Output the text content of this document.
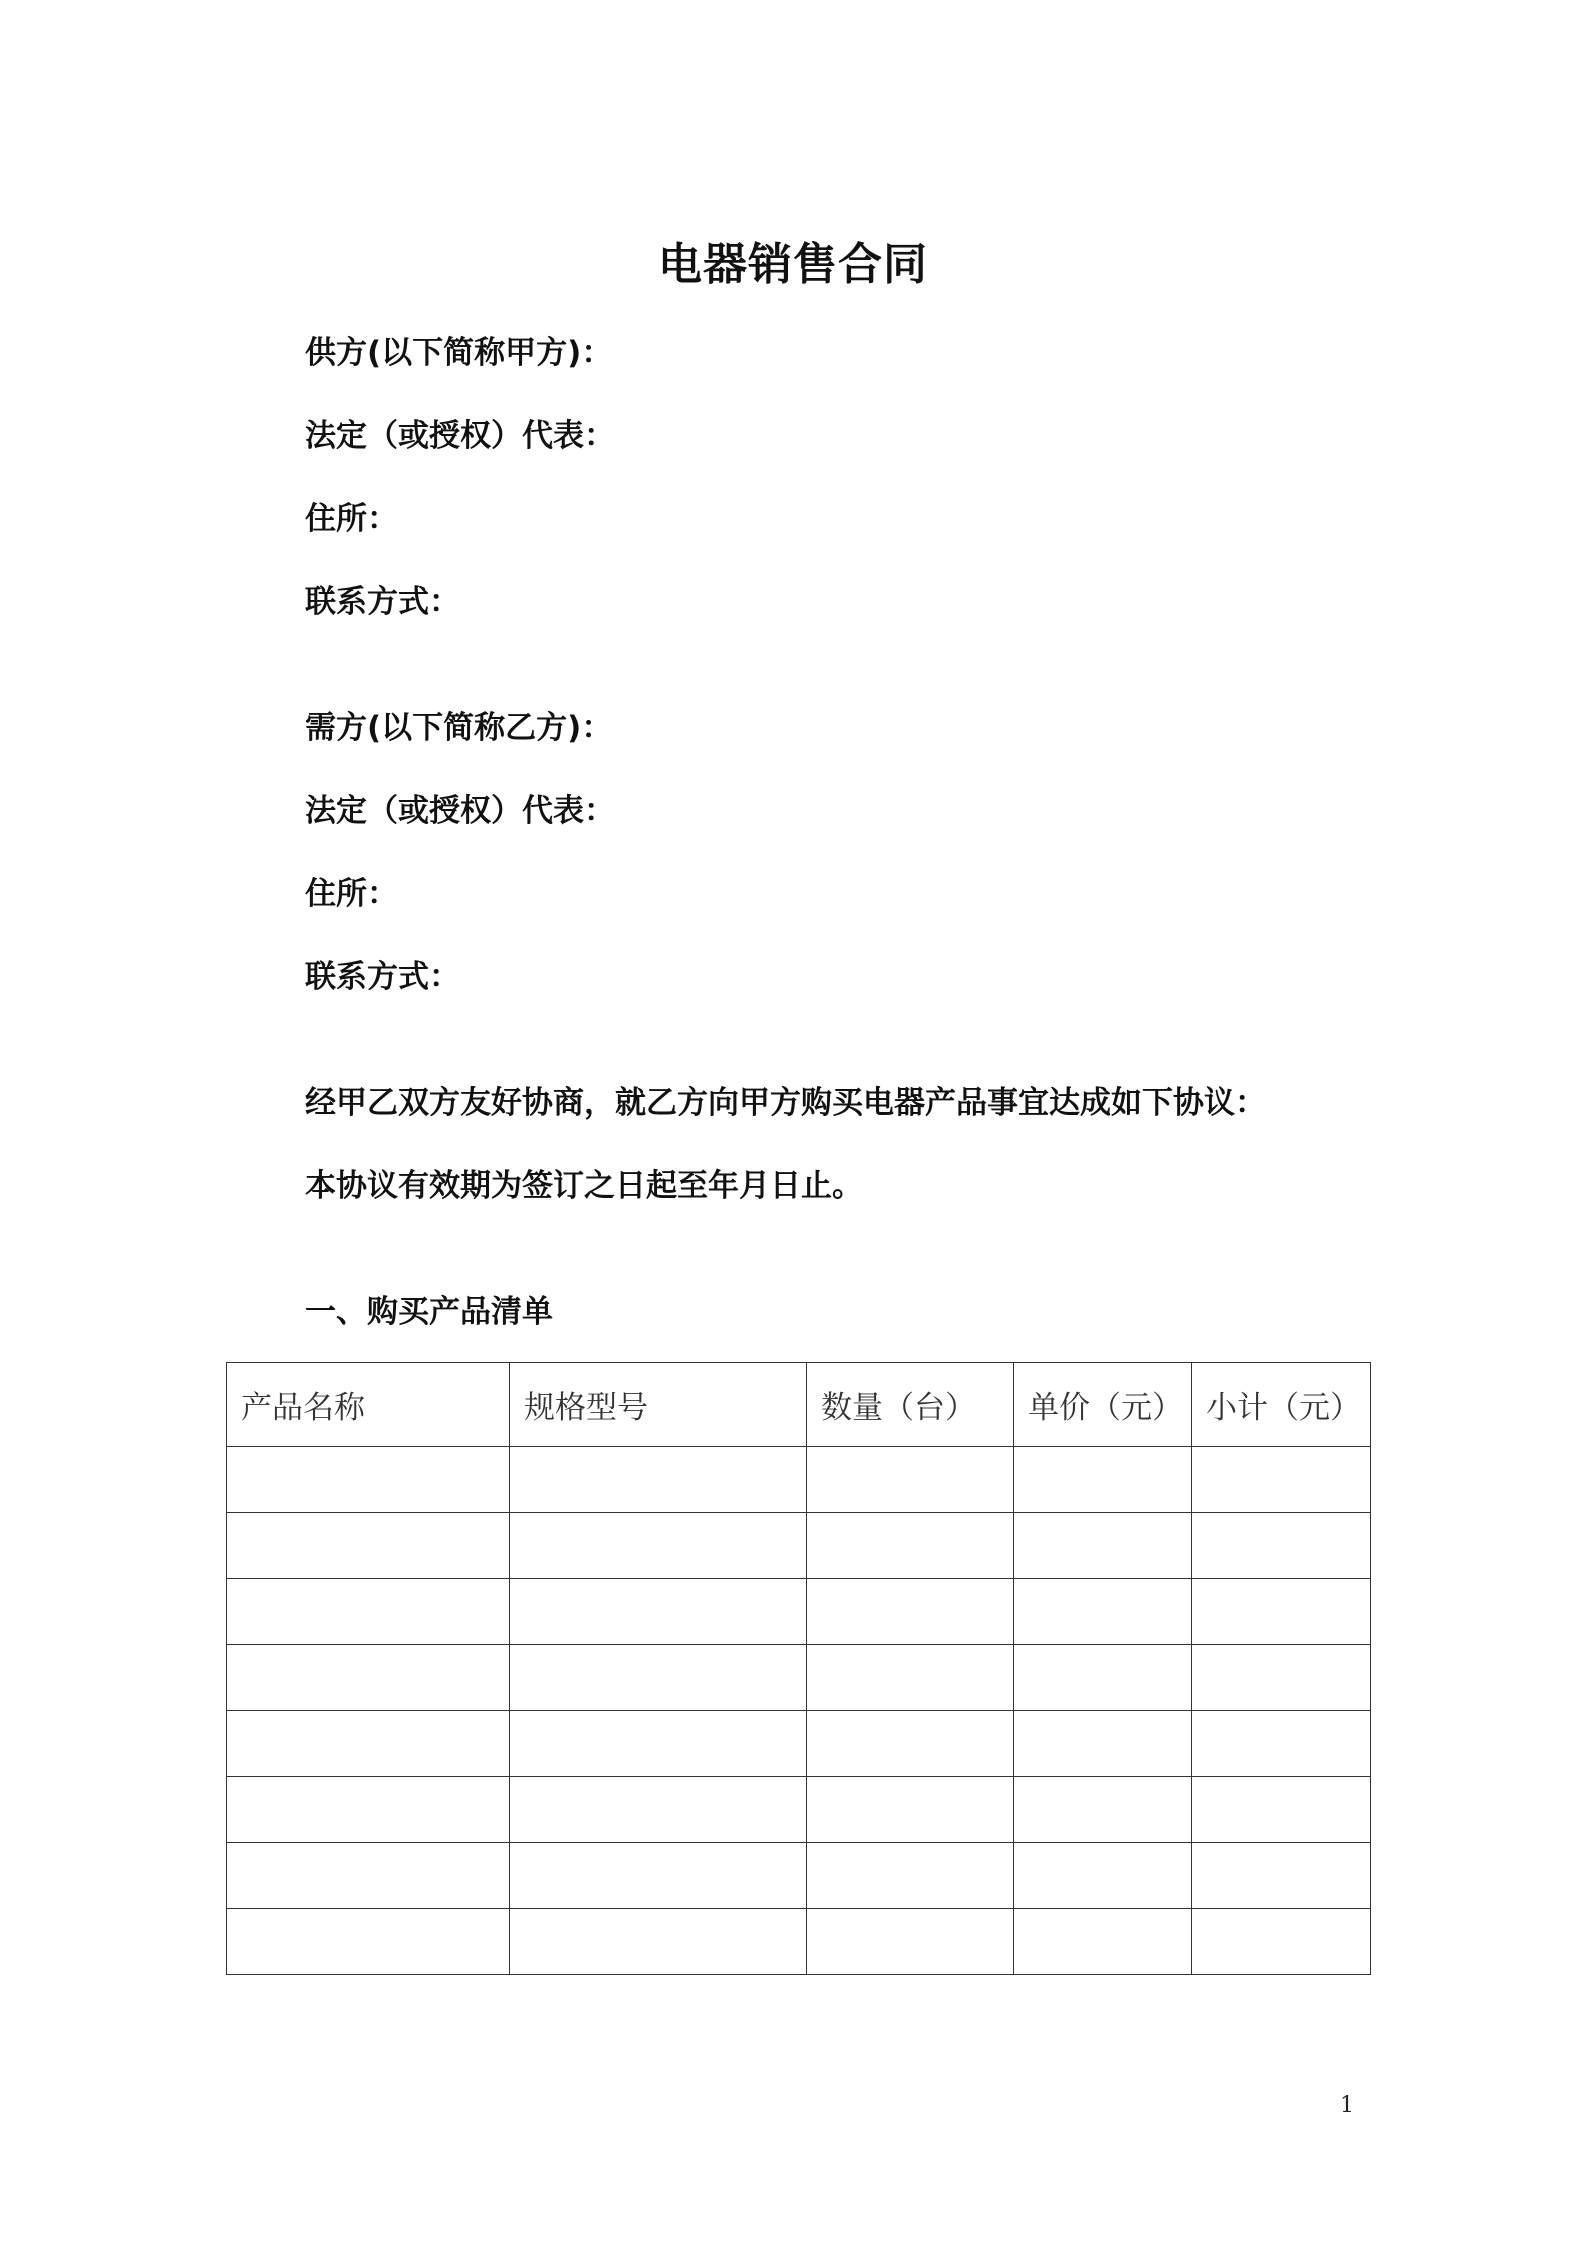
电器销售合同
供方(以下简称甲方)：
法定（或授权）代表：
住所：
联系方式：
需方(以下简称乙方)：
法定（或授权）代表：
住所：
联系方式：
经甲乙双方友好协商，就乙方向甲方购买电器产品事宜达成如下协议：
本协议有效期为签订之日起至年月日止。
一、购买产品清单
产品名称	规格型号	数量（台）	单价（元）	小计（元）

1
